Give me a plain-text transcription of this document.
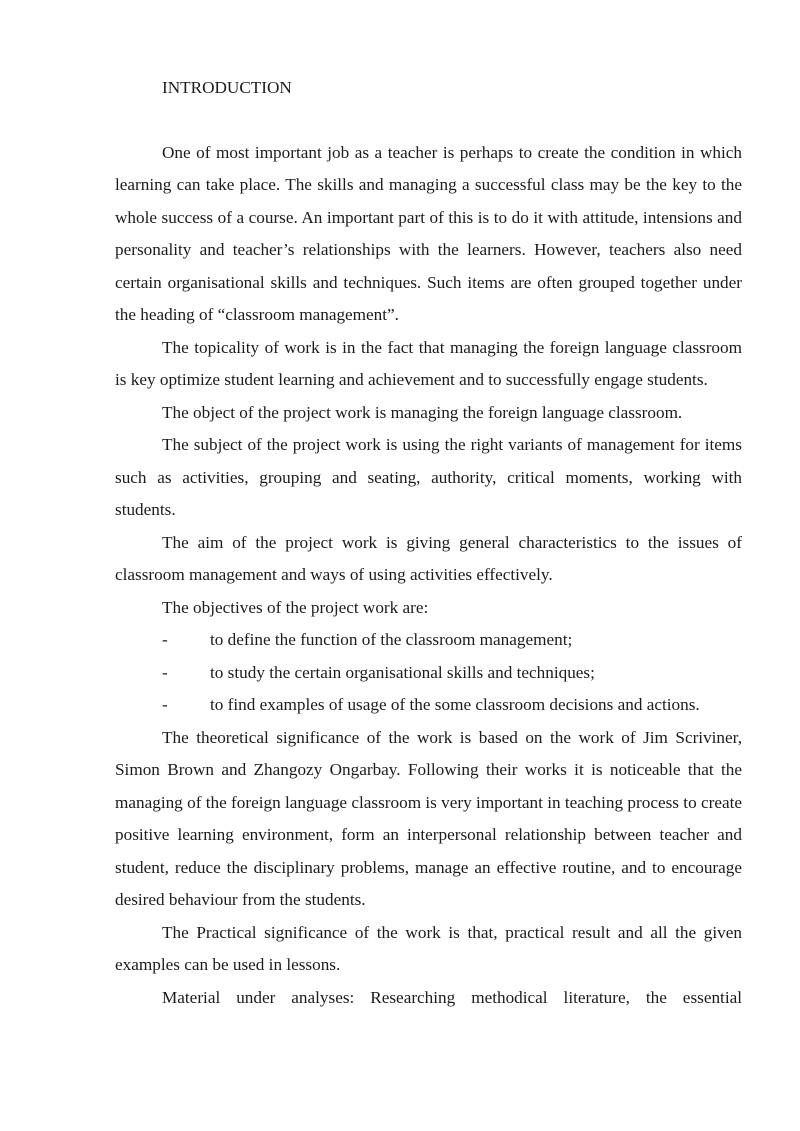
INTRODUCTION

One of most important job as a teacher is perhaps to create the condition in which learning can take place. The skills and managing a successful class may be the key to the whole success of a course. An important part of this is to do it with attitude, intensions and personality and teacher’s relationships with the learners. However, teachers also need certain organisational skills and techniques. Such items are often grouped together under the heading of “classroom management”.

The topicality of work is in the fact that managing the foreign language classroom is key optimize student learning and achievement and to successfully engage students.

The object of the project work is managing the foreign language classroom.

The subject of the project work is using the right variants of management for items such as activities, grouping and seating, authority, critical moments, working with students.

The aim of the project work is giving general characteristics to the issues of classroom management and ways of using activities effectively.

The objectives of the project work are:

-	to define the function of the classroom management;
-	to study the certain organisational skills and techniques;
-	to find examples of usage of the some classroom decisions and actions.

The theoretical significance of the work is based on the work of Jim Scriviner, Simon Brown and Zhangozy Ongarbay. Following their works it is noticeable that the managing of the foreign language classroom is very important in teaching process to create positive learning environment, form an interpersonal relationship between teacher and student, reduce the disciplinary problems, manage an effective routine, and to encourage desired behaviour from the students.

The Practical significance of the work is that, practical result and all the given examples can be used in lessons.

Material under analyses: Researching methodical literature, the essential
